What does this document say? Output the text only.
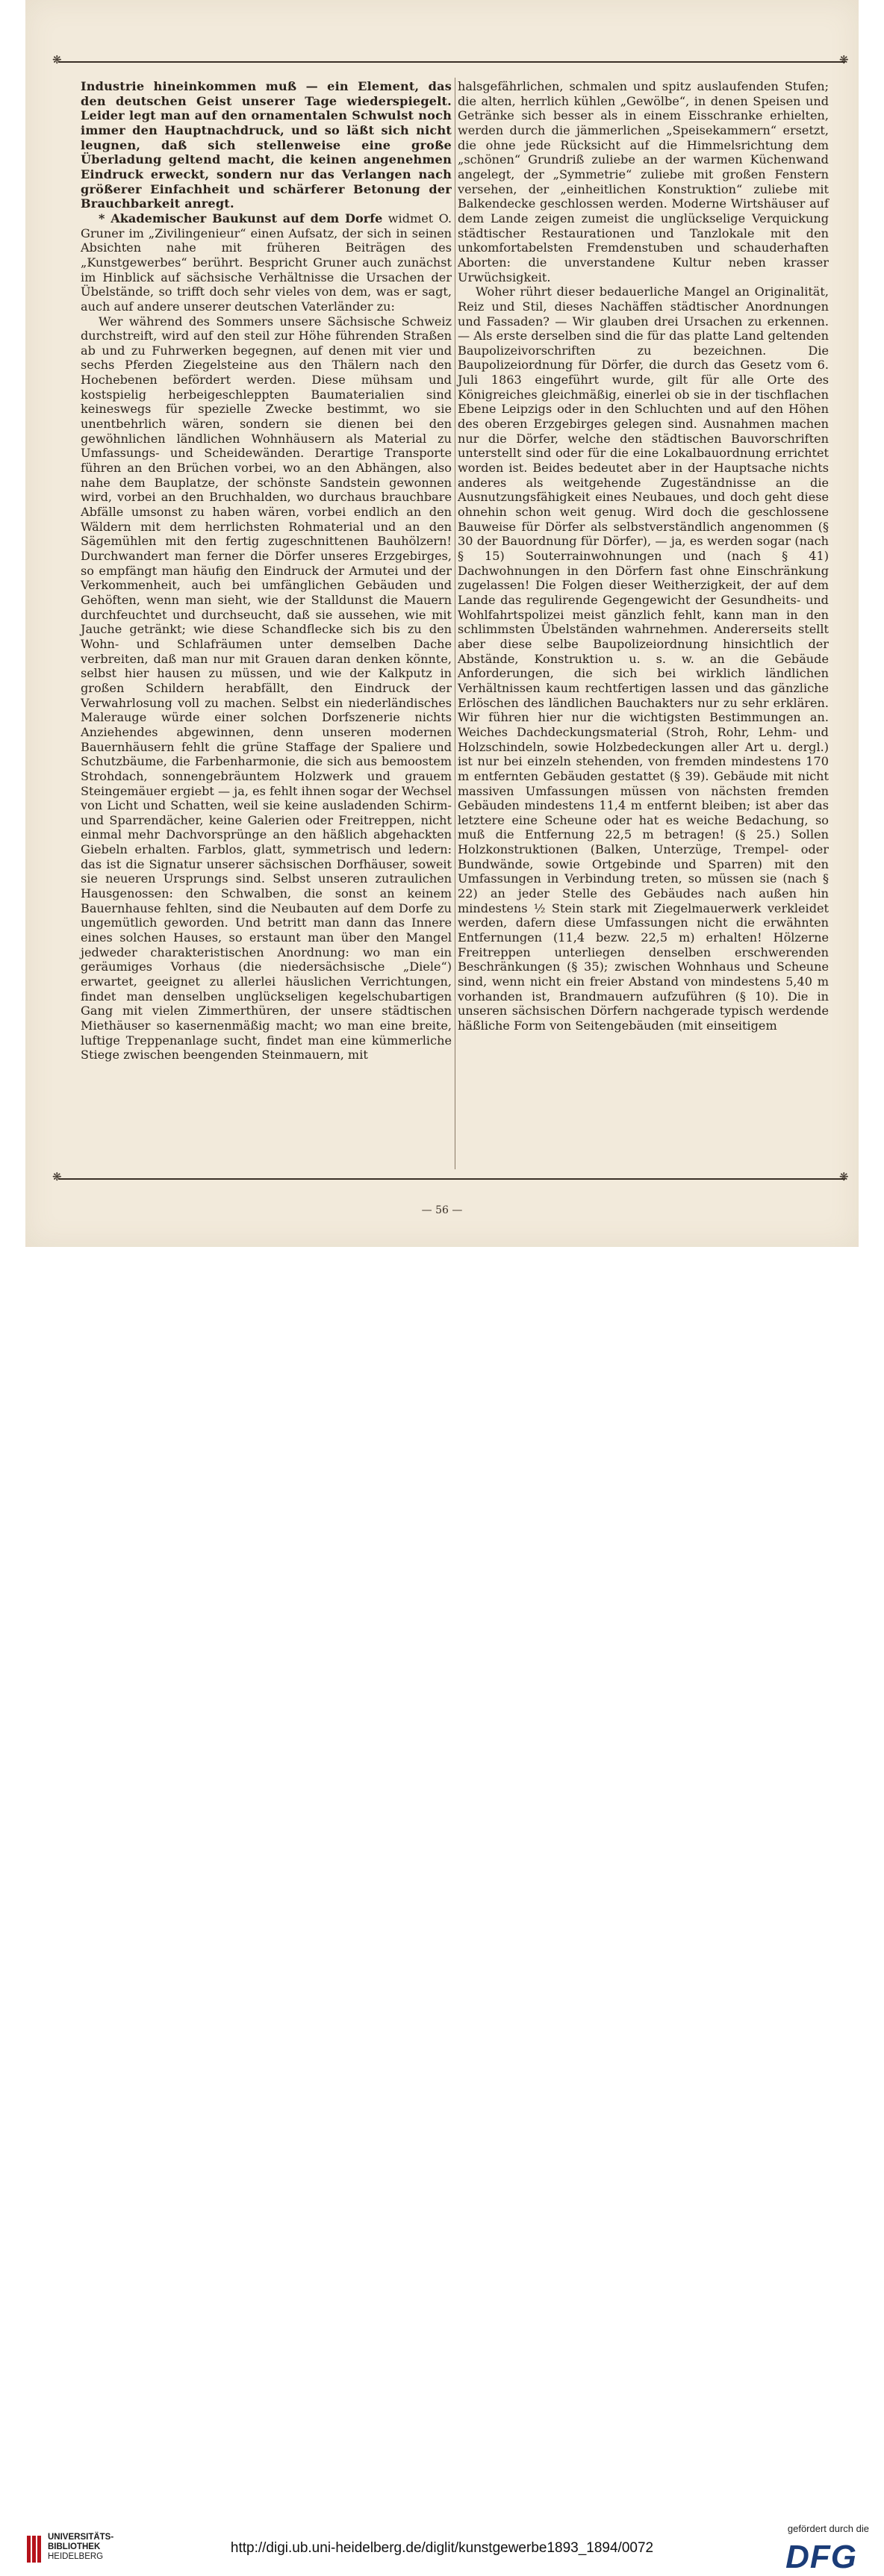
❋	❋

Industrie hineinkommen muß — ein Element, das den deutschen Geist unserer Tage wiederspiegelt. Leider legt man auf den ornamentalen Schwulst noch immer den Hauptnachdruck, und so läßt sich nicht leugnen, daß sich stellenweise eine große Überladung geltend macht, die keinen angenehmen Eindruck erweckt, sondern nur das Verlangen nach größerer Einfachheit und schärferer Betonung der Brauchbarkeit anregt.

* Akademischer Baukunst auf dem Dorfe widmet O. Gruner im „Zivilingenieur“ einen Aufsatz, der sich in seinen Absichten nahe mit früheren Beiträgen des „Kunstgewerbes“ berührt. Bespricht Gruner auch zunächst im Hinblick auf sächsische Verhältnisse die Ursachen der Übelstände, so trifft doch sehr vieles von dem, was er sagt, auch auf andere unserer deutschen Vaterländer zu:

Wer während des Sommers unsere Sächsische Schweiz durchstreift, wird auf den steil zur Höhe führenden Straßen ab und zu Fuhrwerken begegnen, auf denen mit vier und sechs Pferden Ziegelsteine aus den Thälern nach den Hochebenen befördert werden. Diese mühsam und kostspielig herbeigeschleppten Baumaterialien sind keineswegs für spezielle Zwecke bestimmt, wo sie unentbehrlich wären, sondern sie dienen bei den gewöhnlichen ländlichen Wohnhäusern als Material zu Umfassungs- und Scheidewänden. Derartige Transporte führen an den Brüchen vorbei, wo an den Abhängen, also nahe dem Bauplatze, der schönste Sandstein gewonnen wird, vorbei an den Bruchhalden, wo durchaus brauchbare Abfälle umsonst zu haben wären, vorbei endlich an den Wäldern mit dem herrlichsten Rohmaterial und an den Sägemühlen mit den fertig zugeschnittenen Bauhölzern! Durchwandert man ferner die Dörfer unseres Erzgebirges, so empfängt man häufig den Eindruck der Armutei und der Verkommenheit, auch bei umfänglichen Gebäuden und Gehöften, wenn man sieht, wie der Stalldunst die Mauern durchfeuchtet und durchseucht, daß sie aussehen, wie mit Jauche getränkt; wie diese Schandflecke sich bis zu den Wohn- und Schlafräumen unter demselben Dache verbreiten, daß man nur mit Grauen daran denken könnte, selbst hier hausen zu müssen, und wie der Kalkputz in großen Schildern herabfällt, den Eindruck der Verwahrlosung voll zu machen. Selbst ein niederländisches Malerauge würde einer solchen Dorfszenerie nichts Anziehendes abgewinnen, denn unseren modernen Bauernhäusern fehlt die grüne Staffage der Spaliere und Schutzbäume, die Farbenharmonie, die sich aus bemoostem Strohdach, sonnengebräuntem Holzwerk und grauem Steingemäuer ergiebt — ja, es fehlt ihnen sogar der Wechsel von Licht und Schatten, weil sie keine ausladenden Schirm- und Sparrendächer, keine Galerien oder Freitreppen, nicht einmal mehr Dachvorsprünge an den häßlich abgehackten Giebeln erhalten. Farblos, glatt, symmetrisch und ledern: das ist die Signatur unserer sächsischen Dorfhäuser, soweit sie neueren Ursprungs sind. Selbst unseren zutraulichen Hausgenossen: den Schwalben, die sonst an keinem Bauernhause fehlten, sind die Neubauten auf dem Dorfe zu ungemütlich geworden. Und betritt man dann das Innere eines solchen Hauses, so erstaunt man über den Mangel jedweder charakteristischen Anordnung: wo man ein geräumiges Vorhaus (die niedersächsische „Diele“) erwartet, geeignet zu allerlei häuslichen Verrichtungen, findet man denselben unglückseligen kegelschubartigen Gang mit vielen Zimmerthüren, der unsere städtischen Miethäuser so kasernenmäßig macht; wo man eine breite, luftige Treppenanlage sucht, findet man eine kümmerliche Stiege zwischen beengenden Steinmauern, mit

halsgefährlichen, schmalen und spitz auslaufenden Stufen; die alten, herrlich kühlen „Gewölbe“, in denen Speisen und Getränke sich besser als in einem Eisschranke erhielten, werden durch die jämmerlichen „Speisekammern“ ersetzt, die ohne jede Rücksicht auf die Himmelsrichtung dem „schönen“ Grundriß zuliebe an der warmen Küchenwand angelegt, der „Symmetrie“ zuliebe mit großen Fenstern versehen, der „einheitlichen Konstruktion“ zuliebe mit Balkendecke geschlossen werden. Moderne Wirtshäuser auf dem Lande zeigen zumeist die unglückselige Verquickung städtischer Restaurationen und Tanzlokale mit den unkomfortabelsten Fremdenstuben und schauderhaften Aborten: die unverstandene Kultur neben krasser Urwüchsigkeit.

Woher rührt dieser bedauerliche Mangel an Originalität, Reiz und Stil, dieses Nachäffen städtischer Anordnungen und Fassaden? — Wir glauben drei Ursachen zu erkennen. — Als erste derselben sind die für das platte Land geltenden Baupolizeivorschriften zu bezeichnen. Die Baupolizeiordnung für Dörfer, die durch das Gesetz vom 6. Juli 1863 eingeführt wurde, gilt für alle Orte des Königreiches gleichmäßig, einerlei ob sie in der tischflachen Ebene Leipzigs oder in den Schluchten und auf den Höhen des oberen Erzgebirges gelegen sind. Ausnahmen machen nur die Dörfer, welche den städtischen Bauvorschriften unterstellt sind oder für die eine Lokalbauordnung errichtet worden ist. Beides bedeutet aber in der Hauptsache nichts anderes als weitgehende Zugeständnisse an die Ausnutzungsfähigkeit eines Neubaues, und doch geht diese ohnehin schon weit genug. Wird doch die geschlossene Bauweise für Dörfer als selbstverständlich angenommen (§ 30 der Bauordnung für Dörfer), — ja, es werden sogar (nach § 15) Souterrainwohnungen und (nach § 41) Dachwohnungen in den Dörfern fast ohne Einschränkung zugelassen! Die Folgen dieser Weitherzigkeit, der auf dem Lande das regulirende Gegengewicht der Gesundheits- und Wohlfahrtspolizei meist gänzlich fehlt, kann man in den schlimmsten Übelständen wahrnehmen. Andererseits stellt aber diese selbe Baupolizeiordnung hinsichtlich der Abstände, Konstruktion u. s. w. an die Gebäude Anforderungen, die sich bei wirklich ländlichen Verhältnissen kaum rechtfertigen lassen und das gänzliche Erlöschen des ländlichen Bauchakters nur zu sehr erklären. Wir führen hier nur die wichtigsten Bestimmungen an. Weiches Dachdeckungsmaterial (Stroh, Rohr, Lehm- und Holzschindeln, sowie Holzbedeckungen aller Art u. dergl.) ist nur bei einzeln stehenden, von fremden mindestens 170 m entfernten Gebäuden gestattet (§ 39). Gebäude mit nicht massiven Umfassungen müssen von nächsten fremden Gebäuden mindestens 11,4 m entfernt bleiben; ist aber das letztere eine Scheune oder hat es weiche Bedachung, so muß die Entfernung 22,5 m betragen! (§ 25.) Sollen Holzkonstruktionen (Balken, Unterzüge, Trempel- oder Bundwände, sowie Ortgebinde und Sparren) mit den Umfassungen in Verbindung treten, so müssen sie (nach § 22) an jeder Stelle des Gebäudes nach außen hin mindestens ½ Stein stark mit Ziegelmauerwerk verkleidet werden, dafern diese Umfassungen nicht die erwähnten Entfernungen (11,4 bezw. 22,5 m) erhalten! Hölzerne Freitreppen unterliegen denselben erschwerenden Beschränkungen (§ 35); zwischen Wohnhaus und Scheune sind, wenn nicht ein freier Abstand von mindestens 5,40 m vorhanden ist, Brandmauern aufzuführen (§ 10). Die in unseren sächsischen Dörfern nachgerade typisch werdende häßliche Form von Seitengebäuden (mit einseitigem

❋	❋
— 56 —
UNIVERSITÄTS-
BIBLIOTHEK
HEIDELBERG
http://digi.ub.uni-heidelberg.de/diglit/kunstgewerbe1893_1894/0072
gefördert durch die
DFG
